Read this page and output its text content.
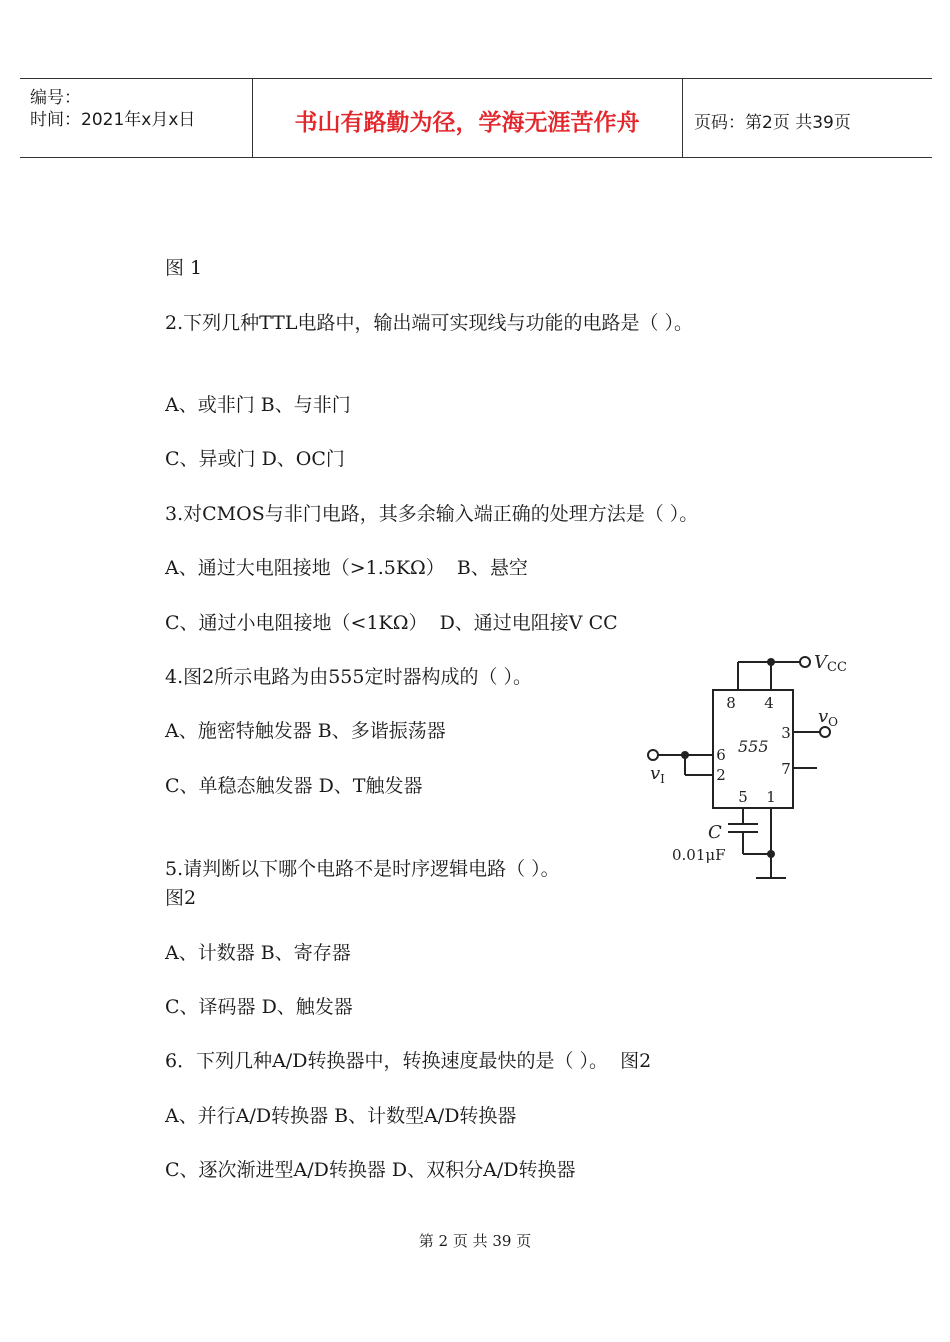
编号：
时间：2021年x月x日	书山有路勤为径，学海无涯苦作舟	页码：第2页 共39页
图 1
2.下列几种TTL电路中，输出端可实现线与功能的电路是（ ）。
A、或非门 B、与非门
C、异或门 D、OC门
3.对CMOS与非门电路，其多余输入端正确的处理方法是（ ）。
A、通过大电阻接地（>1.5KΩ）  B、悬空
C、通过小电阻接地（<1KΩ）  D、通过电阻接V CC
4.图2所示电路为由555定时器构成的（ ）。
A、施密特触发器 B、多谐振荡器
C、单稳态触发器 D、T触发器
5.请判断以下哪个电路不是时序逻辑电路（ ）。
图2
A、计数器 B、寄存器
C、译码器 D、触发器
6．下列几种A/D转换器中，转换速度最快的是（ ）。  图2
A、并行A/D转换器 B、计数型A/D转换器
C、逐次渐进型A/D转换器 D、双积分A/D转换器
555
8 4
3
6
2	7
5 1
VCC
$v_O$
$v_I$
C
0.01μF
第 2 页 共 39 页
